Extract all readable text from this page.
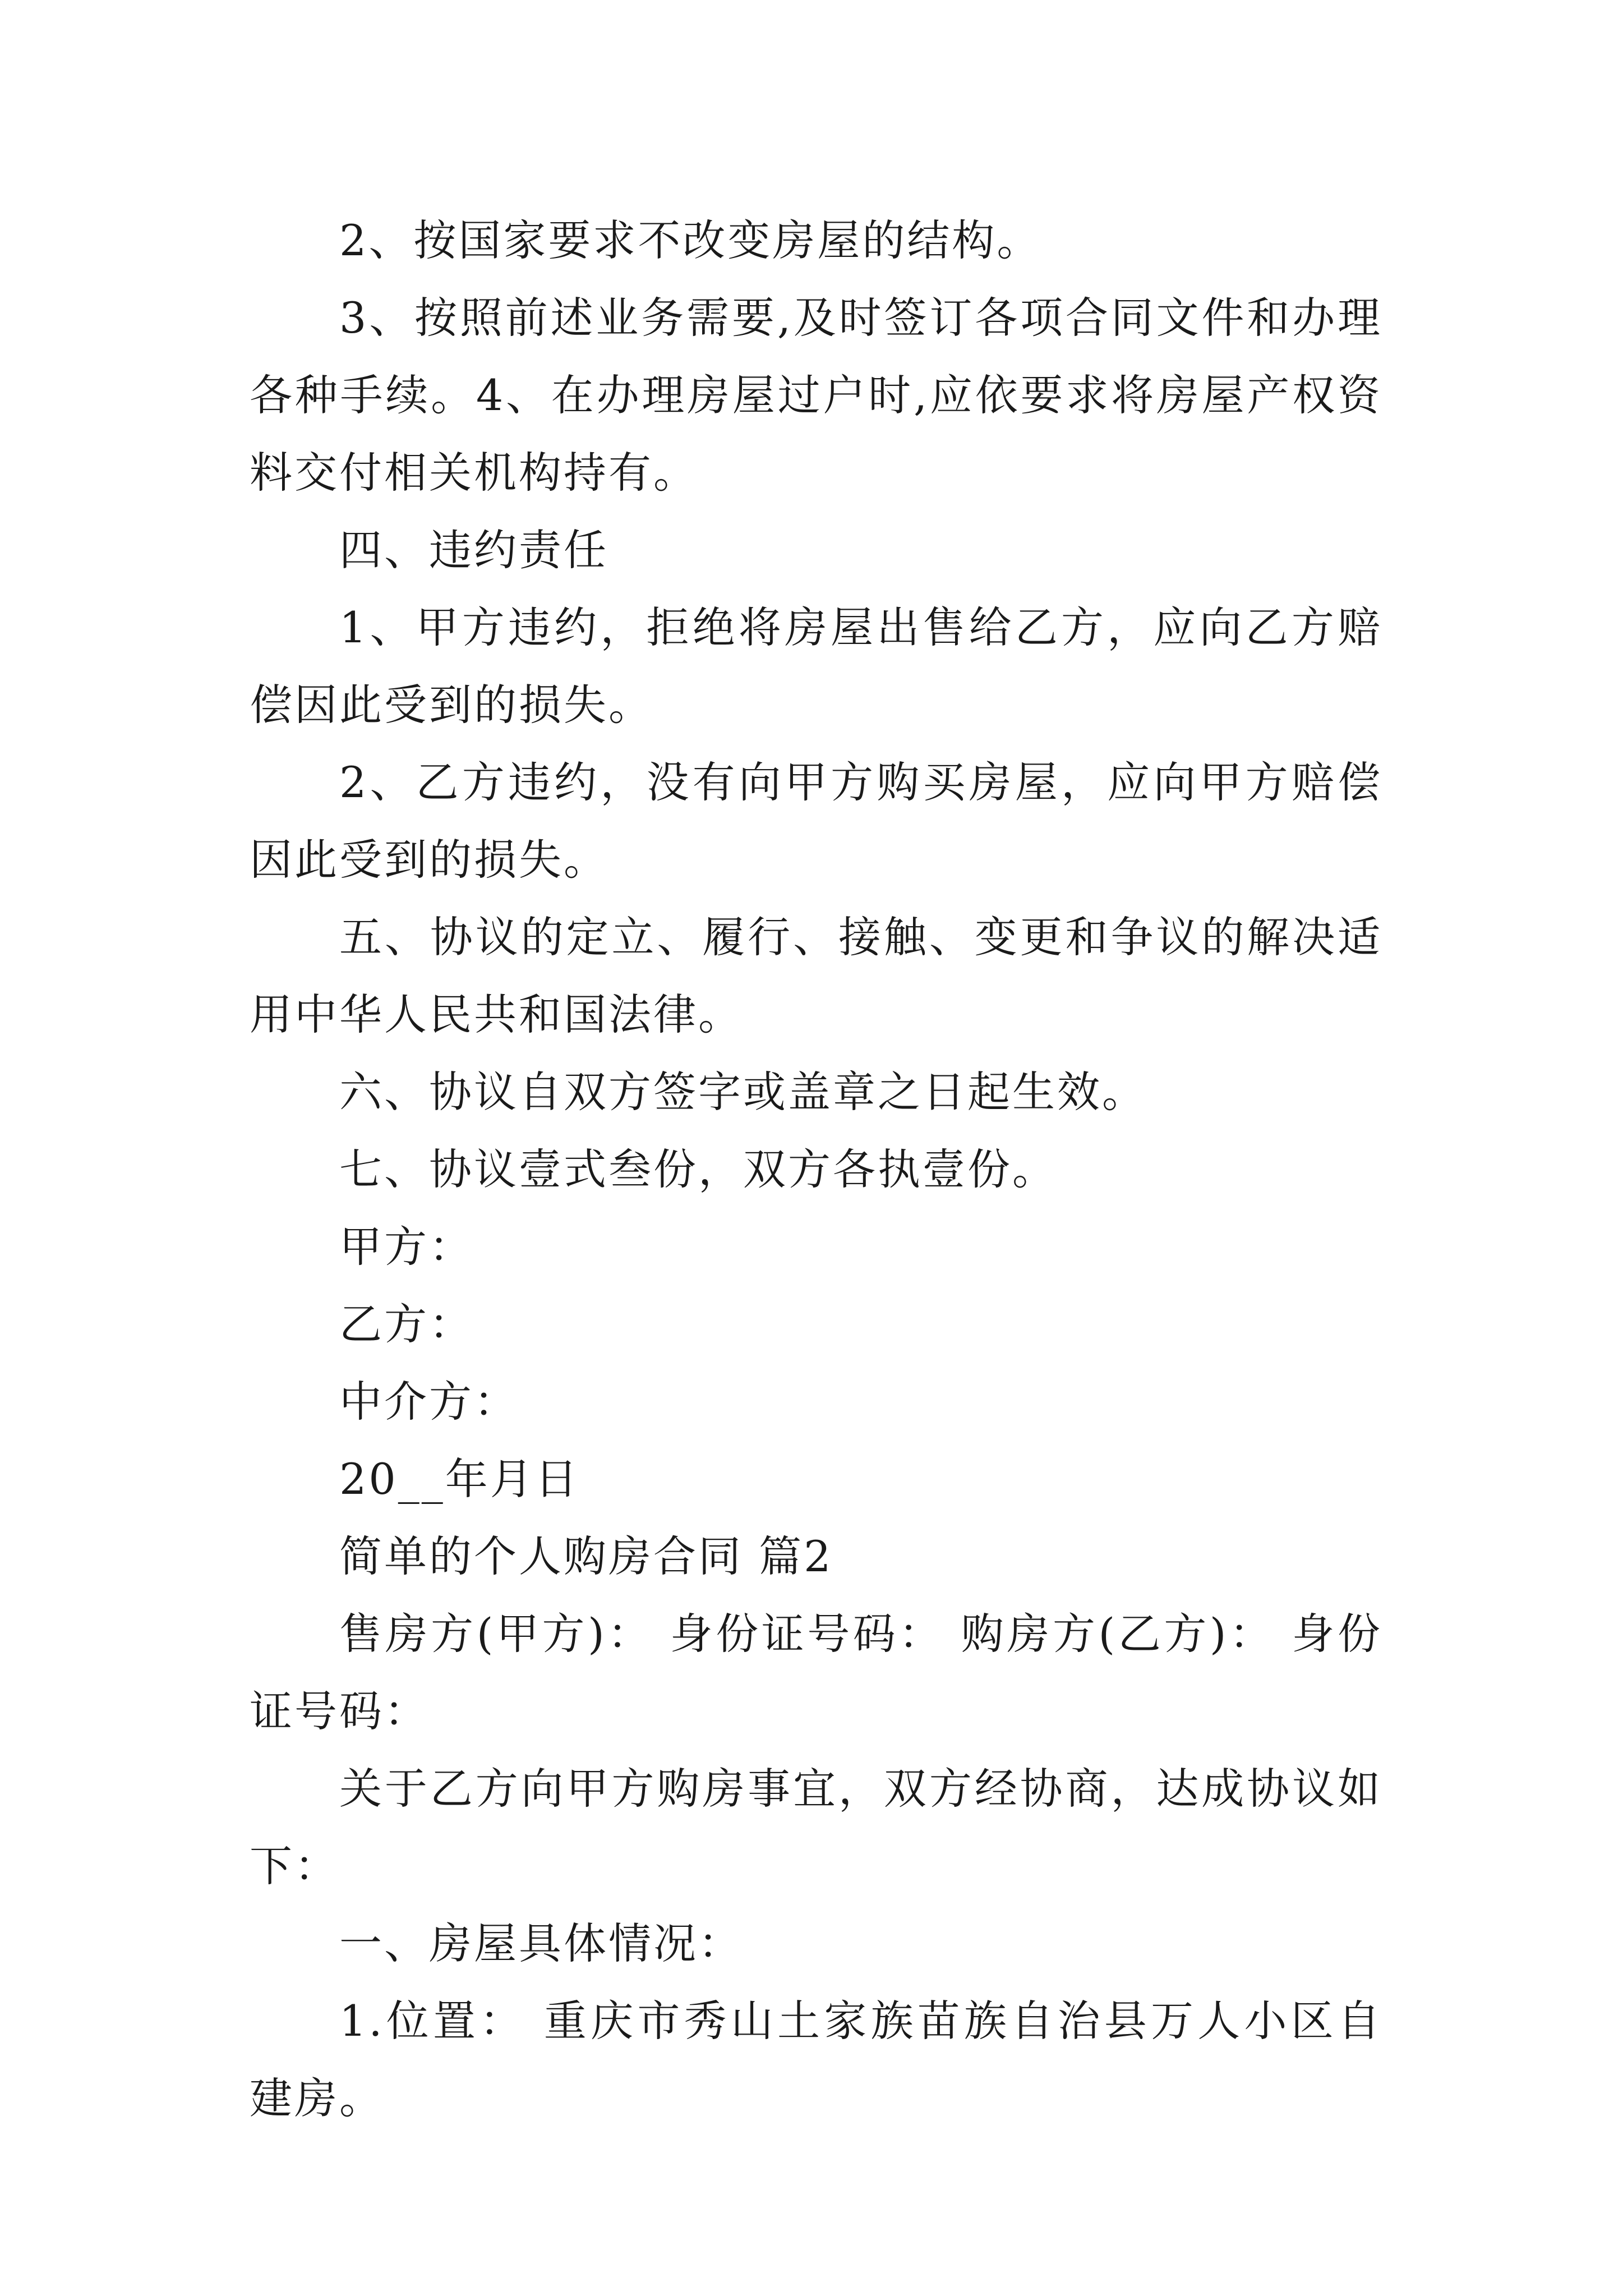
2、按国家要求不改变房屋的结构。

3、按照前述业务需要,及时签订各项合同文件和办理各种手续。4、在办理房屋过户时,应依要求将房屋产权资料交付相关机构持有。

四、违约责任

1、甲方违约，拒绝将房屋出售给乙方，应向乙方赔偿因此受到的损失。

2、乙方违约，没有向甲方购买房屋，应向甲方赔偿因此受到的损失。

五、协议的定立、履行、接触、变更和争议的解决适用中华人民共和国法律。

六、协议自双方签字或盖章之日起生效。

七、协议壹式叁份，双方各执壹份。

甲方：

乙方：

中介方：

20__年月日

简单的个人购房合同 篇2

售房方(甲方)： 身份证号码： 购房方(乙方)： 身份证号码：

关于乙方向甲方购房事宜，双方经协商，达成协议如下：

一、房屋具体情况：

1.位置： 重庆市秀山土家族苗族自治县万人小区自建房。
